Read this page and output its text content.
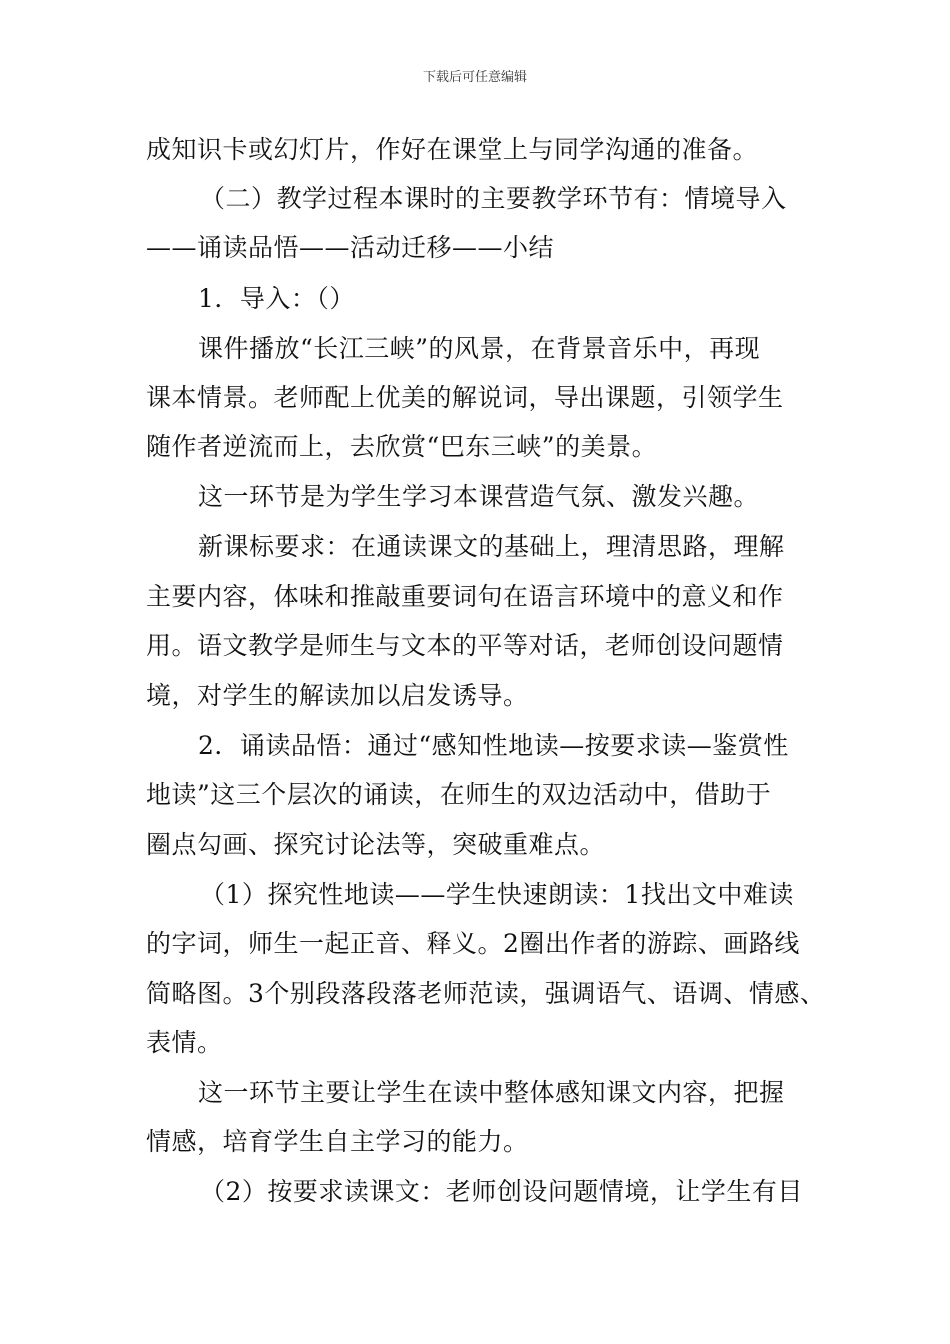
下载后可任意编辑
成知识卡或幻灯片，作好在课堂上与同学沟通的准备。
（二）教学过程本课时的主要教学环节有：情境导入
——诵读品悟——活动迁移——小结
1．导入：（）
课件播放“长江三峡”的风景，在背景音乐中，再现
课本情景。老师配上优美的解说词，导出课题，引领学生
随作者逆流而上，去欣赏“巴东三峡”的美景。
这一环节是为学生学习本课营造气氛、激发兴趣。
新课标要求：在通读课文的基础上，理清思路，理解
主要内容，体味和推敲重要词句在语言环境中的意义和作
用。语文教学是师生与文本的平等对话，老师创设问题情
境，对学生的解读加以启发诱导。
2．诵读品悟：通过“感知性地读—按要求读—鉴赏性
地读”这三个层次的诵读，在师生的双边活动中，借助于
圈点勾画、探究讨论法等，突破重难点。
（1）探究性地读——学生快速朗读：1找出文中难读
的字词，师生一起正音、释义。2圈出作者的游踪、画路线
简略图。3个别段落段落老师范读，强调语气、语调、情感、
表情。
这一环节主要让学生在读中整体感知课文内容，把握
情感，培育学生自主学习的能力。
（2）按要求读课文：老师创设问题情境，让学生有目
